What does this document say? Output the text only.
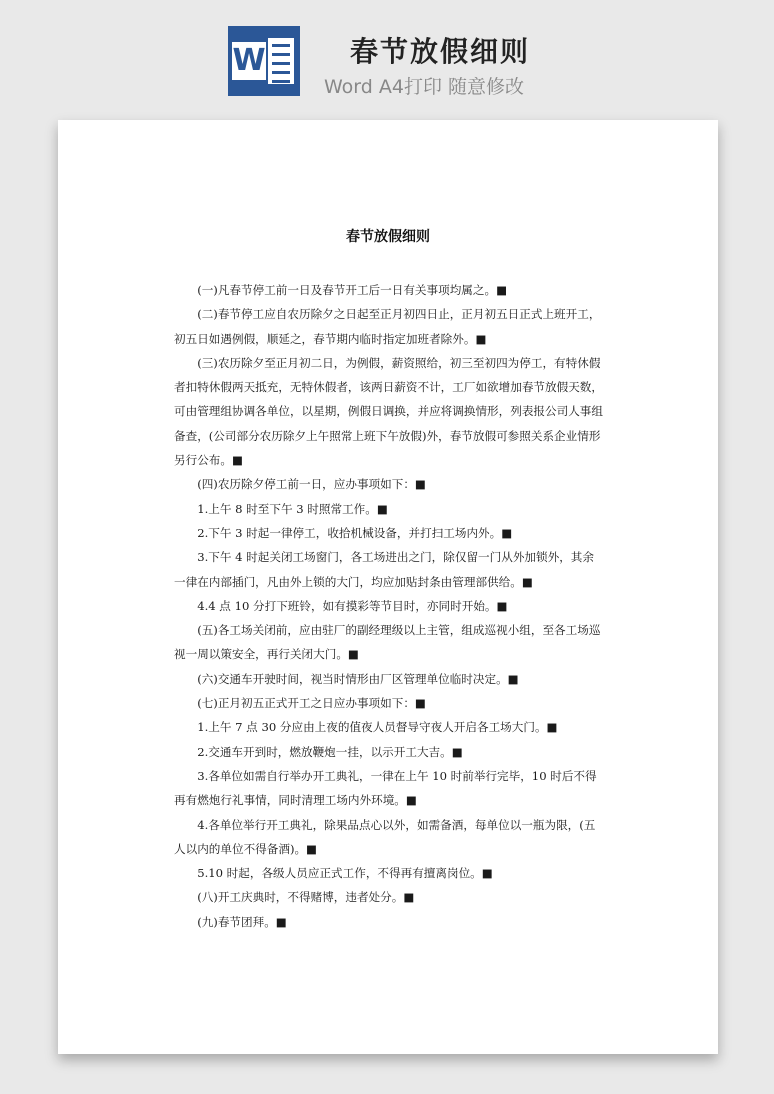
W	春节放假细则
Word A4打印 随意修改
春节放假细则

(一)凡春节停工前一日及春节开工后一日有关事项均属之。■

(二)春节停工应自农历除夕之日起至正月初四日止，正月初五日正式上班开工，初五日如遇例假，顺延之，春节期内临时指定加班者除外。■

(三)农历除夕至正月初二日，为例假，薪资照给，初三至初四为停工，有特休假者扣特休假两天抵充，无特休假者，该两日薪资不计，工厂如欲增加春节放假天数，可由管理组协调各单位，以星期，例假日调换，并应将调换情形，列表报公司人事组备查，(公司部分农历除夕上午照常上班下午放假)外，春节放假可参照关系企业情形另行公布。■

(四)农历除夕停工前一日，应办事项如下：■

1.上午 8 时至下午 3 时照常工作。■

2.下午 3 时起一律停工，收拾机械设备，并打扫工场内外。■

3.下午 4 时起关闭工场窗门，各工场进出之门，除仅留一门从外加锁外，其余一律在内部插门，凡由外上锁的大门，均应加贴封条由管理部供给。■

4.4 点 10 分打下班铃，如有摸彩等节目时，亦同时开始。■

(五)各工场关闭前，应由驻厂的副经理级以上主管，组成巡视小组，至各工场巡视一周以策安全，再行关闭大门。■

(六)交通车开驶时间，视当时情形由厂区管理单位临时决定。■

(七)正月初五正式开工之日应办事项如下：■

1.上午 7 点 30 分应由上夜的值夜人员督导守夜人开启各工场大门。■

2.交通车开到时，燃放鞭炮一挂，以示开工大吉。■

3.各单位如需自行举办开工典礼，一律在上午 10 时前举行完毕，10 时后不得再有燃炮行礼事情，同时清理工场内外环境。■

4.各单位举行开工典礼，除果品点心以外，如需备酒，每单位以一瓶为限，(五人以内的单位不得备酒)。■

5.10 时起，各级人员应正式工作，不得再有擅离岗位。■

(八)开工庆典时，不得赌博，违者处分。■

(九)春节团拜。■
